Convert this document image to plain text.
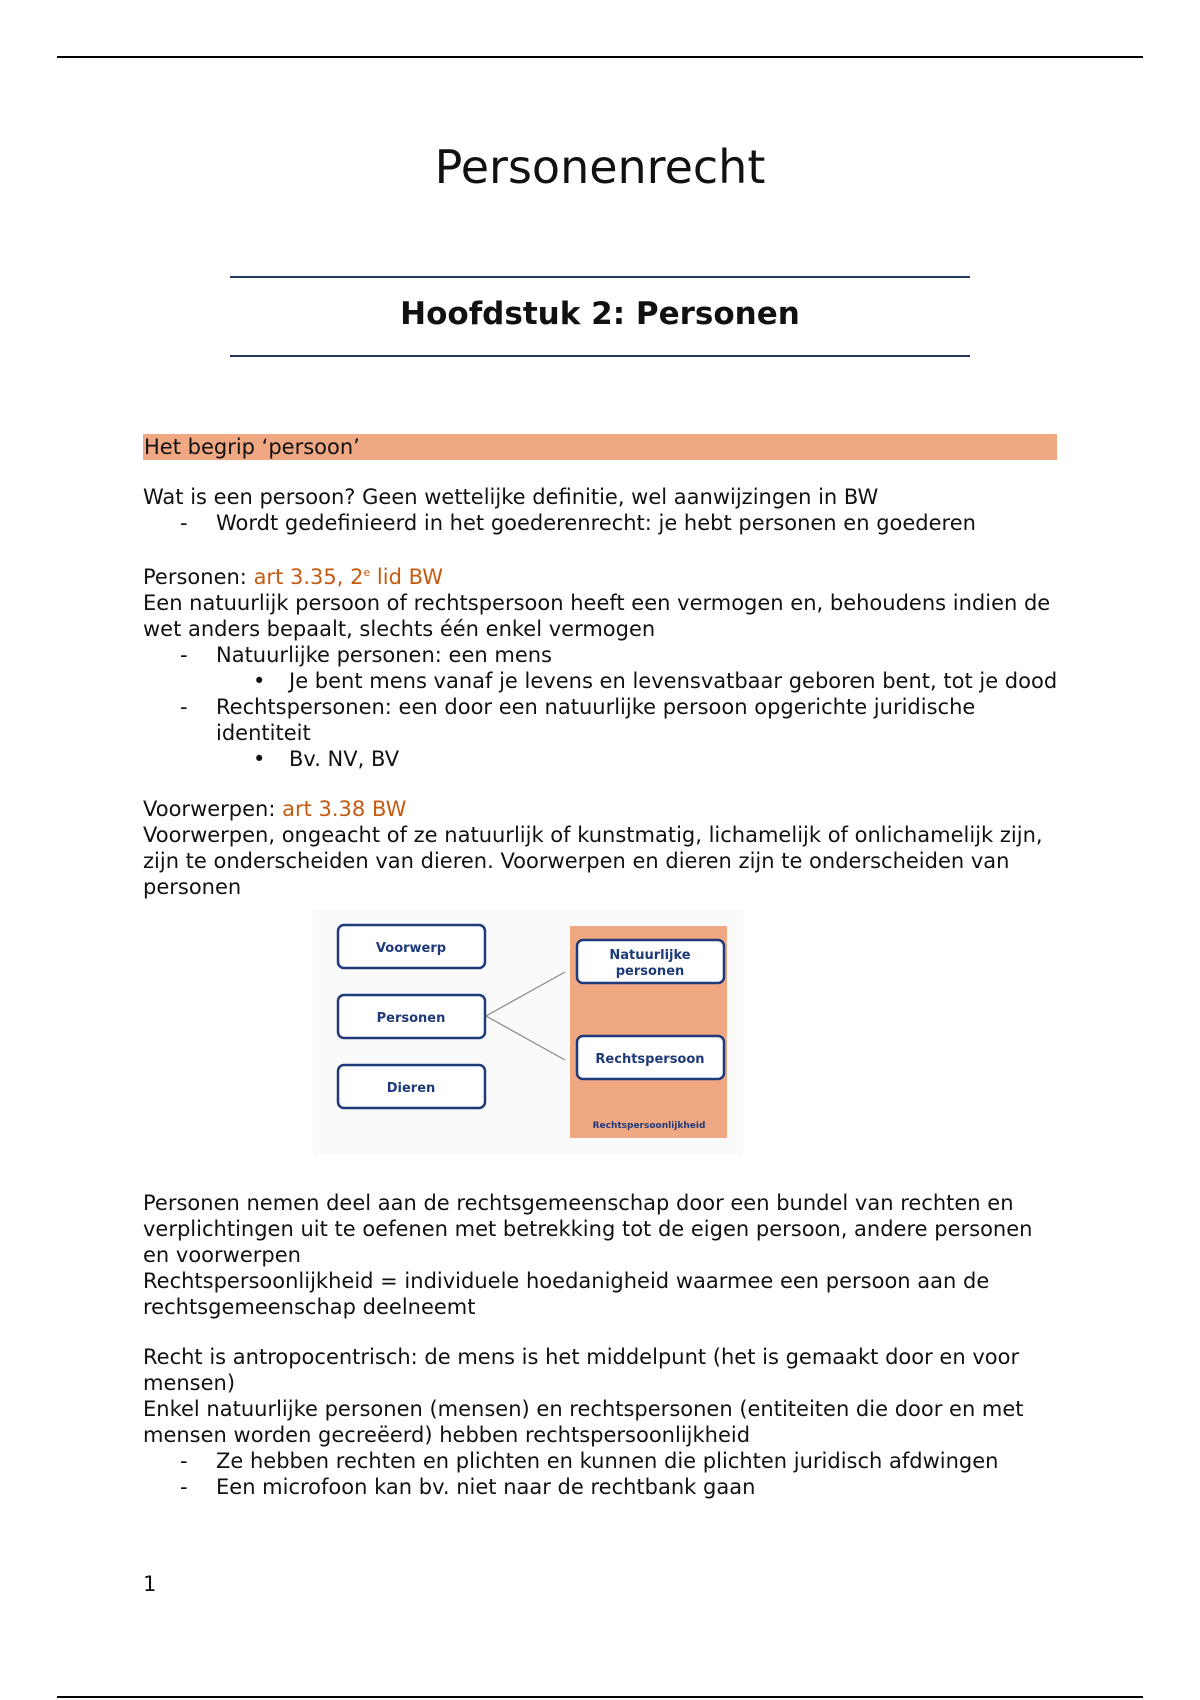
Personenrecht
Hoofdstuk 2: Personen
Het begrip ‘persoon’

Wat is een persoon? Geen wettelijke definitie, wel aanwijzingen in BW

- Wordt gedefinieerd in het goederenrecht: je hebt personen en goederen

Personen: art 3.35, 2e lid BW

Een natuurlijk persoon of rechtspersoon heeft een vermogen en, behoudens indien de wet anders bepaalt, slechts één enkel vermogen

- Natuurlijke personen: een mens
• Je bent mens vanaf je levens en levensvatbaar geboren bent, tot je dood
- Rechtspersonen: een door een natuurlijke persoon opgerichte juridische identiteit
• Bv. NV, BV

Voorwerpen: art 3.38 BW

Voorwerpen, ongeacht of ze natuurlijk of kunstmatig, lichamelijk of onlichamelijk zijn, zijn te onderscheiden van dieren. Voorwerpen en dieren zijn te onderscheiden van personen

Voorwerp
Personen
Dieren
Natuurlijke
personen
Rechtspersoon
Rechtspersoonlijkheid

Personen nemen deel aan de rechtsgemeenschap door een bundel van rechten en verplichtingen uit te oefenen met betrekking tot de eigen persoon, andere personen en voorwerpen

Rechtspersoonlijkheid = individuele hoedanigheid waarmee een persoon aan de rechtsgemeenschap deelneemt

Recht is antropocentrisch: de mens is het middelpunt (het is gemaakt door en voor mensen)

Enkel natuurlijke personen (mensen) en rechtspersonen (entiteiten die door en met mensen worden gecreëerd) hebben rechtspersoonlijkheid

- Ze hebben rechten en plichten en kunnen die plichten juridisch afdwingen
- Een microfoon kan bv. niet naar de rechtbank gaan
1
